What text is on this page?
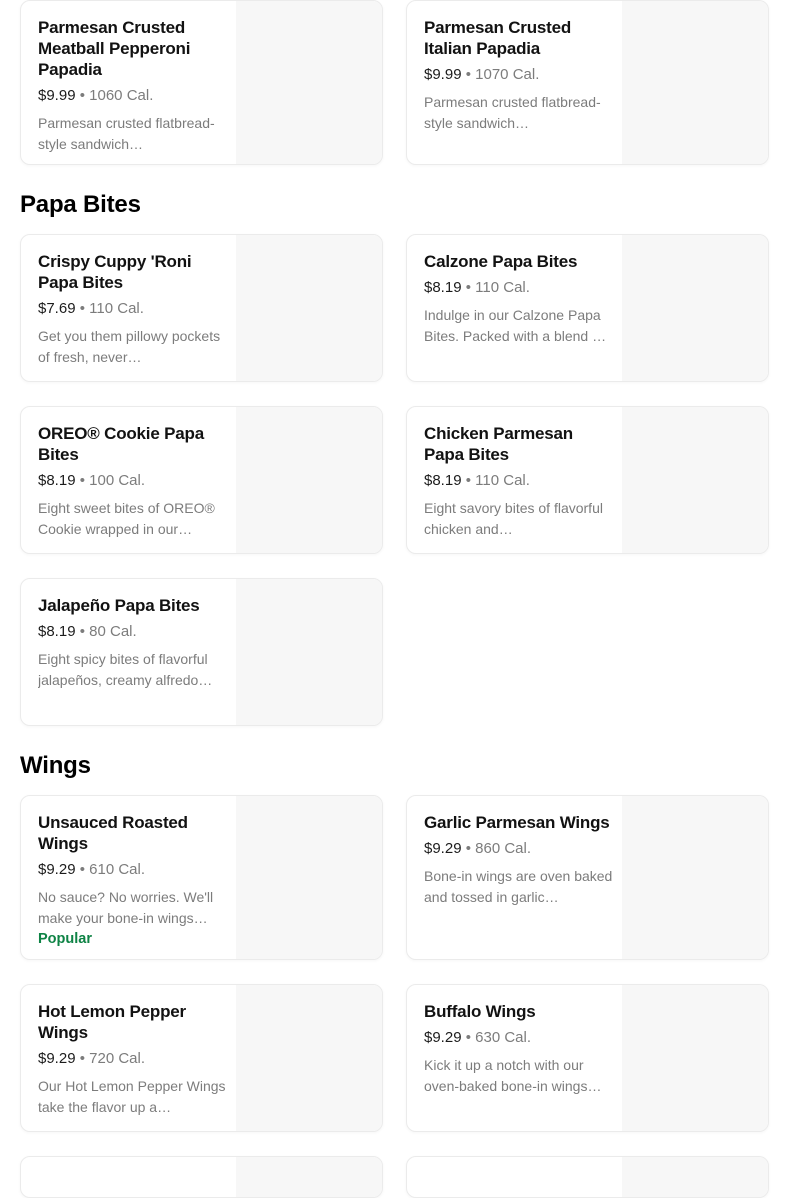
Parmesan Crusted Meatball Pepperoni Papadia
$9.99 • 1060 Cal.
Parmesan crusted flatbread-style sandwich…
Parmesan Crusted Italian Papadia
$9.99 • 1070 Cal.
Parmesan crusted flatbread-style sandwich…
Papa Bites
Crispy Cuppy 'Roni Papa Bites
$7.69 • 110 Cal.
Get you them pillowy pockets of fresh, never…
Calzone Papa Bites
$8.19 • 110 Cal.
Indulge in our Calzone Papa Bites. Packed with a blend …
OREO® Cookie Papa Bites
$8.19 • 100 Cal.
Eight sweet bites of OREO® Cookie wrapped in our…
Chicken Parmesan Papa Bites
$8.19 • 110 Cal.
Eight savory bites of flavorful chicken and…
Jalapeño Papa Bites
$8.19 • 80 Cal.
Eight spicy bites of flavorful jalapeños, creamy alfredo…
Wings
Unsauced Roasted Wings
$9.29 • 610 Cal.
No sauce? No worries. We'll make your bone-in wings…
Popular
Garlic Parmesan Wings
$9.29 • 860 Cal.
Bone-in wings are oven baked and tossed in garlic…
Hot Lemon Pepper Wings
$9.29 • 720 Cal.
Our Hot Lemon Pepper Wings take the flavor up a…
Buffalo Wings
$9.29 • 630 Cal.
Kick it up a notch with our oven-baked bone-in wings…
